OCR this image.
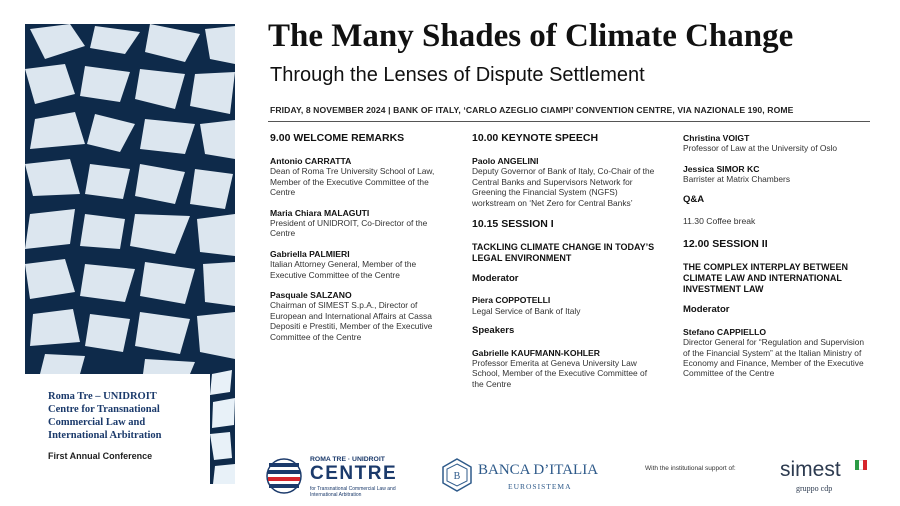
Roma Tre – UNIDROIT
Centre for Transnational
Commercial Law and
International Arbitration
First Annual Conference
The Many Shades of Climate Change
Through the Lenses of Dispute Settlement
FRIDAY, 8 NOVEMBER 2024 | BANK OF ITALY, ‘CARLO AZEGLIO CIAMPI’ CONVENTION CENTRE, VIA NAZIONALE 190, ROME
9.00 WELCOME REMARKS
Antonio CARRATTA
Dean of Roma Tre University School of Law, Member of the Executive Committee of the Centre
Maria Chiara MALAGUTI
President of UNIDROIT, Co-Director of the Centre
Gabriella PALMIERI
Italian Attorney General, Member of the Executive Committee of the Centre
Pasquale SALZANO
Chairman of SIMEST S.p.A., Director of European and International Affairs at Cassa Depositi e Prestiti, Member of the Executive Committee of the Centre
10.00 KEYNOTE SPEECH
Paolo ANGELINI
Deputy Governor of Bank of Italy, Co-Chair of the Central Banks and Supervisors Network for Greening the Financial System (NGFS) workstream on ‘Net Zero for Central Banks’
10.15 SESSION I
TACKLING CLIMATE CHANGE IN TODAY’S LEGAL ENVIRONMENT
Moderator
Piera COPPOTELLI
Legal Service of Bank of Italy
Speakers
Gabrielle KAUFMANN-KOHLER
Professor Emerita at Geneva University Law School, Member of the Executive Committee of the Centre
Christina VOIGT
Professor of Law at the University of Oslo
Jessica SIMOR KC
Barrister at Matrix Chambers
Q&A
11.30 Coffee break
12.00 SESSION II
THE COMPLEX INTERPLAY BETWEEN CLIMATE LAW AND INTERNATIONAL INVESTMENT LAW
Moderator
Stefano CAPPIELLO
Director General for “Regulation and Supervision of the Financial System” at the Italian Ministry of Economy and Finance, Member of the Executive Committee of the Centre
ROMA TRE · UNIDROIT
CENTRE
for Transnational Commercial Law and International Arbitration
B BANCA D’ITALIA
EUROSISTEMA
With the institutional support of: simest
gruppo cdp
